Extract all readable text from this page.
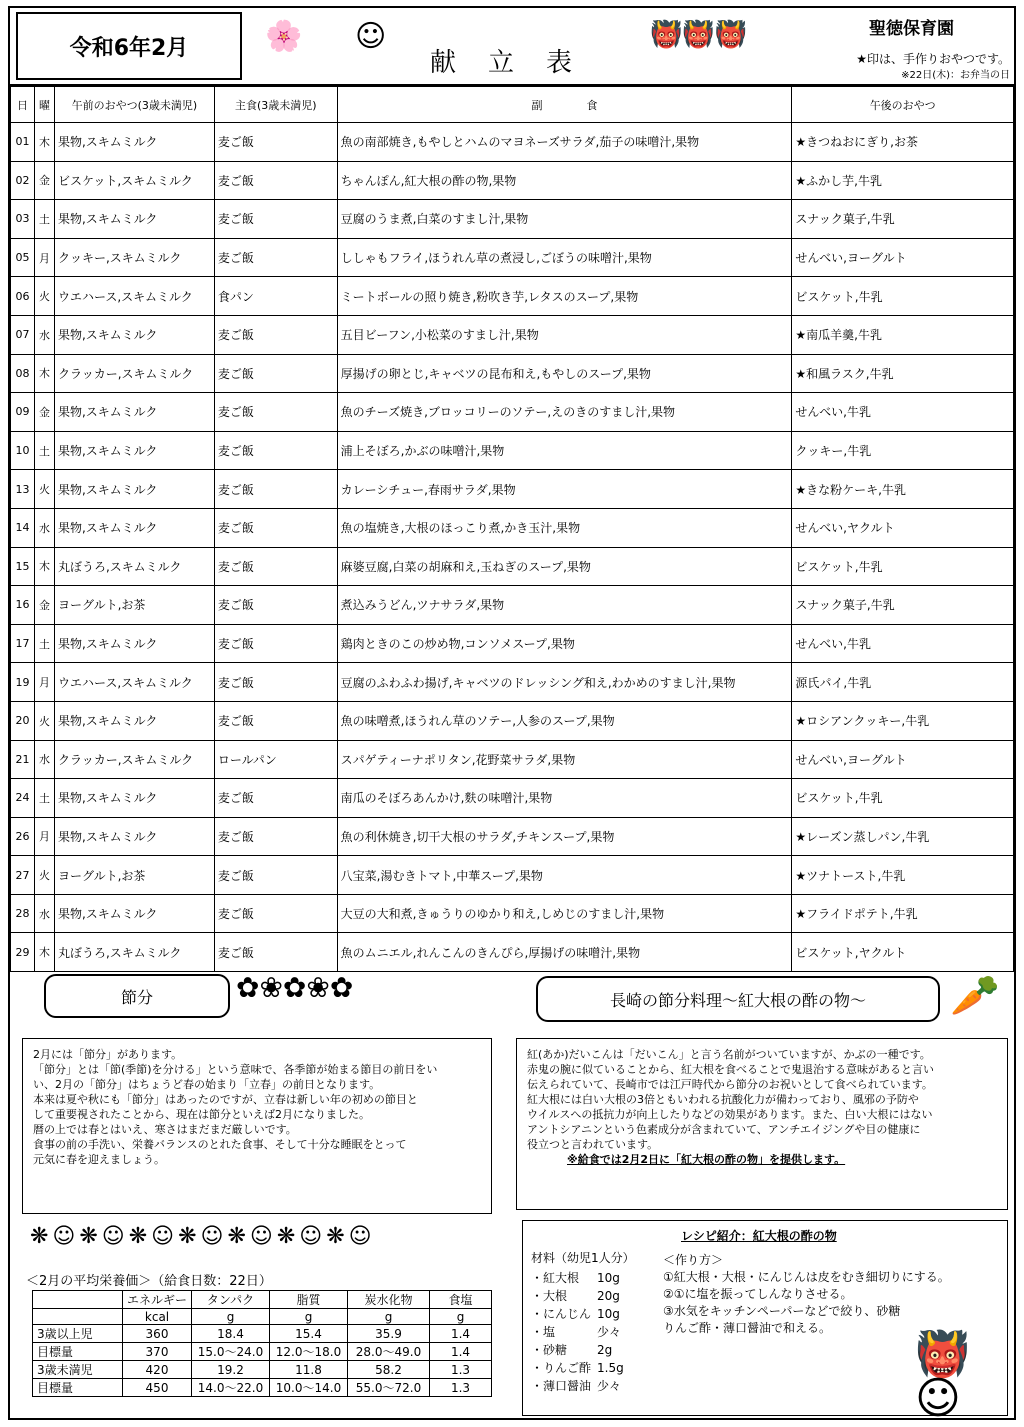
令和6年2月	🌸 ☺
献立表
👹👹👹	聖徳保育園
★印は、手作りおやつです。
※22日(木)：お弁当の日
日	曜	午前のおやつ(3歳未満児)	主食(3歳未満児)	副　　　　食	午後のおやつ
01	木	果物,スキムミルク	麦ご飯	魚の南部焼き,もやしとハムのマヨネーズサラダ,茄子の味噌汁,果物	★きつねおにぎり,お茶
02	金	ビスケット,スキムミルク	麦ご飯	ちゃんぽん,紅大根の酢の物,果物	★ふかし芋,牛乳
03	土	果物,スキムミルク	麦ご飯	豆腐のうま煮,白菜のすまし汁,果物	スナック菓子,牛乳
05	月	クッキー,スキムミルク	麦ご飯	ししゃもフライ,ほうれん草の煮浸し,ごぼうの味噌汁,果物	せんべい,ヨーグルト
06	火	ウエハース,スキムミルク	食パン	ミートボールの照り焼き,粉吹き芋,レタスのスープ,果物	ビスケット,牛乳
07	水	果物,スキムミルク	麦ご飯	五目ビーフン,小松菜のすまし汁,果物	★南瓜羊羹,牛乳
08	木	クラッカー,スキムミルク	麦ご飯	厚揚げの卵とじ,キャベツの昆布和え,もやしのスープ,果物	★和風ラスク,牛乳
09	金	果物,スキムミルク	麦ご飯	魚のチーズ焼き,ブロッコリーのソテー,えのきのすまし汁,果物	せんべい,牛乳
10	土	果物,スキムミルク	麦ご飯	浦上そぼろ,かぶの味噌汁,果物	クッキー,牛乳
13	火	果物,スキムミルク	麦ご飯	カレーシチュー,春雨サラダ,果物	★きな粉ケーキ,牛乳
14	水	果物,スキムミルク	麦ご飯	魚の塩焼き,大根のほっこり煮,かき玉汁,果物	せんべい,ヤクルト
15	木	丸ぼうろ,スキムミルク	麦ご飯	麻婆豆腐,白菜の胡麻和え,玉ねぎのスープ,果物	ビスケット,牛乳
16	金	ヨーグルト,お茶	麦ご飯	煮込みうどん,ツナサラダ,果物	スナック菓子,牛乳
17	土	果物,スキムミルク	麦ご飯	鶏肉ときのこの炒め物,コンソメスープ,果物	せんべい,牛乳
19	月	ウエハース,スキムミルク	麦ご飯	豆腐のふわふわ揚げ,キャベツのドレッシング和え,わかめのすまし汁,果物	源氏パイ,牛乳
20	火	果物,スキムミルク	麦ご飯	魚の味噌煮,ほうれん草のソテー,人参のスープ,果物	★ロシアンクッキー,牛乳
21	水	クラッカー,スキムミルク	ロールパン	スパゲティーナポリタン,花野菜サラダ,果物	せんべい,ヨーグルト
24	土	果物,スキムミルク	麦ご飯	南瓜のそぼろあんかけ,麩の味噌汁,果物	ビスケット,牛乳
26	月	果物,スキムミルク	麦ご飯	魚の利休焼き,切干大根のサラダ,チキンスープ,果物	★レーズン蒸しパン,牛乳
27	火	ヨーグルト,お茶	麦ご飯	八宝菜,湯むきトマト,中華スープ,果物	★ツナトースト,牛乳
28	水	果物,スキムミルク	麦ご飯	大豆の大和煮,きゅうりのゆかり和え,しめじのすまし汁,果物	★フライドポテト,牛乳
29	木	丸ぼうろ,スキムミルク	麦ご飯	魚のムニエル,れんこんのきんぴら,厚揚げの味噌汁,果物	ビスケット,ヤクルト
節分	✿❀✿❀✿	長崎の節分料理～紅大根の酢の物～ 🥕

2月には「節分」があります。

「節分」とは「節(季節)を分ける」という意味で、各季節が始まる節目の前日をい

い、2月の「節分」はちょうど春の始まり「立春」の前日となります。

本来は夏や秋にも「節分」はあったのですが、立春は新しい年の初めの節目と

して重要視されたことから、現在は節分といえば2月になりました。

暦の上では春とはいえ、寒さはまだまだ厳しいです。

食事の前の手洗い、栄養バランスのとれた食事、そして十分な睡眠をとって

元気に春を迎えましょう。

紅(あか)だいこんは「だいこん」と言う名前がついていますが、かぶの一種です。

赤鬼の腕に似ていることから、紅大根を食べることで鬼退治する意味があると言い

伝えられていて、長崎市では江戸時代から節分のお祝いとして食べられています。

紅大根には白い大根の3倍ともいわれる抗酸化力が備わっており、風邪の予防や

ウイルスへの抵抗力が向上したりなどの効果があります。また、白い大根にはない

アントシアニンという色素成分が含まれていて、アンチエイジングや目の健康に

役立つと言われています。

※給食では2月2日に「紅大根の酢の物」を提供します。

❋☺❋☺❋☺❋☺❋☺❋☺❋☺
＜2月の平均栄養価＞（給食日数：22日）
	エネルギー	タンパク	脂質	炭水化物	食塩
	kcal	g	g	g	g
3歳以上児	360	18.4	15.4	35.9	1.4
目標量	370	15.0～24.0	12.0～18.0	28.0～49.0	1.4
3歳未満児	420	19.2	11.8	58.2	1.3
目標量	450	14.0～22.0	10.0～14.0	55.0～72.0	1.3
レシピ紹介：紅大根の酢の物
材料（幼児1人分）
・紅大根 10g
・大根 20g
・にんじん 10g
・塩	少々
・砂糖 2g
・りんご酢 1.5g
・薄口醤油 少々
＜作り方＞

①紅大根・大根・にんじんは皮をむき細切りにする。

②①に塩を振ってしんなりさせる。

③水気をキッチンペーパーなどで絞り、砂糖

りんご酢・薄口醤油で和える。

👹☺
